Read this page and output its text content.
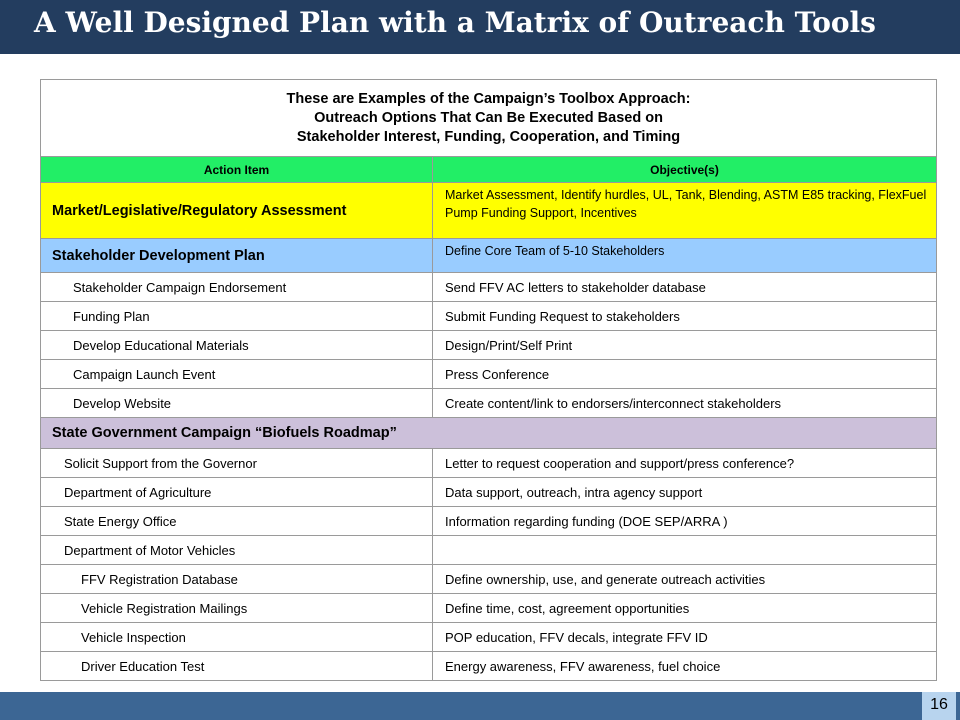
A Well Designed Plan with a Matrix of Outreach Tools
These are Examples of the Campaign’s Toolbox Approach:
Outreach Options That Can Be Executed Based on
Stakeholder Interest, Funding, Cooperation, and Timing	

Action Item	Objective(s)
Market/Legislative/Regulatory Assessment	Market Assessment, Identify hurdles, UL, Tank, Blending, ASTM E85 tracking, FlexFuel Pump Funding Support, Incentives
Stakeholder Development Plan	Define Core Team of 5-10 Stakeholders
Stakeholder Campaign Endorsement	Send FFV AC letters to stakeholder database
Funding Plan	Submit Funding Request to stakeholders
Develop Educational Materials	Design/Print/Self Print
Campaign Launch Event	Press Conference
Develop Website	Create content/link to endorsers/interconnect stakeholders
State Government Campaign “Biofuels Roadmap”	
Solicit Support from the Governor	Letter to request cooperation and support/press conference?
Department of Agriculture	Data support, outreach, intra agency support
State Energy Office	Information regarding funding (DOE SEP/ARRA )
Department of Motor Vehicles	
FFV Registration Database	Define ownership, use, and generate outreach activities
Vehicle Registration Mailings	Define time, cost, agreement opportunities
Vehicle Inspection	POP education, FFV decals, integrate FFV ID
Driver Education Test	Energy awareness, FFV awareness, fuel choice
16
